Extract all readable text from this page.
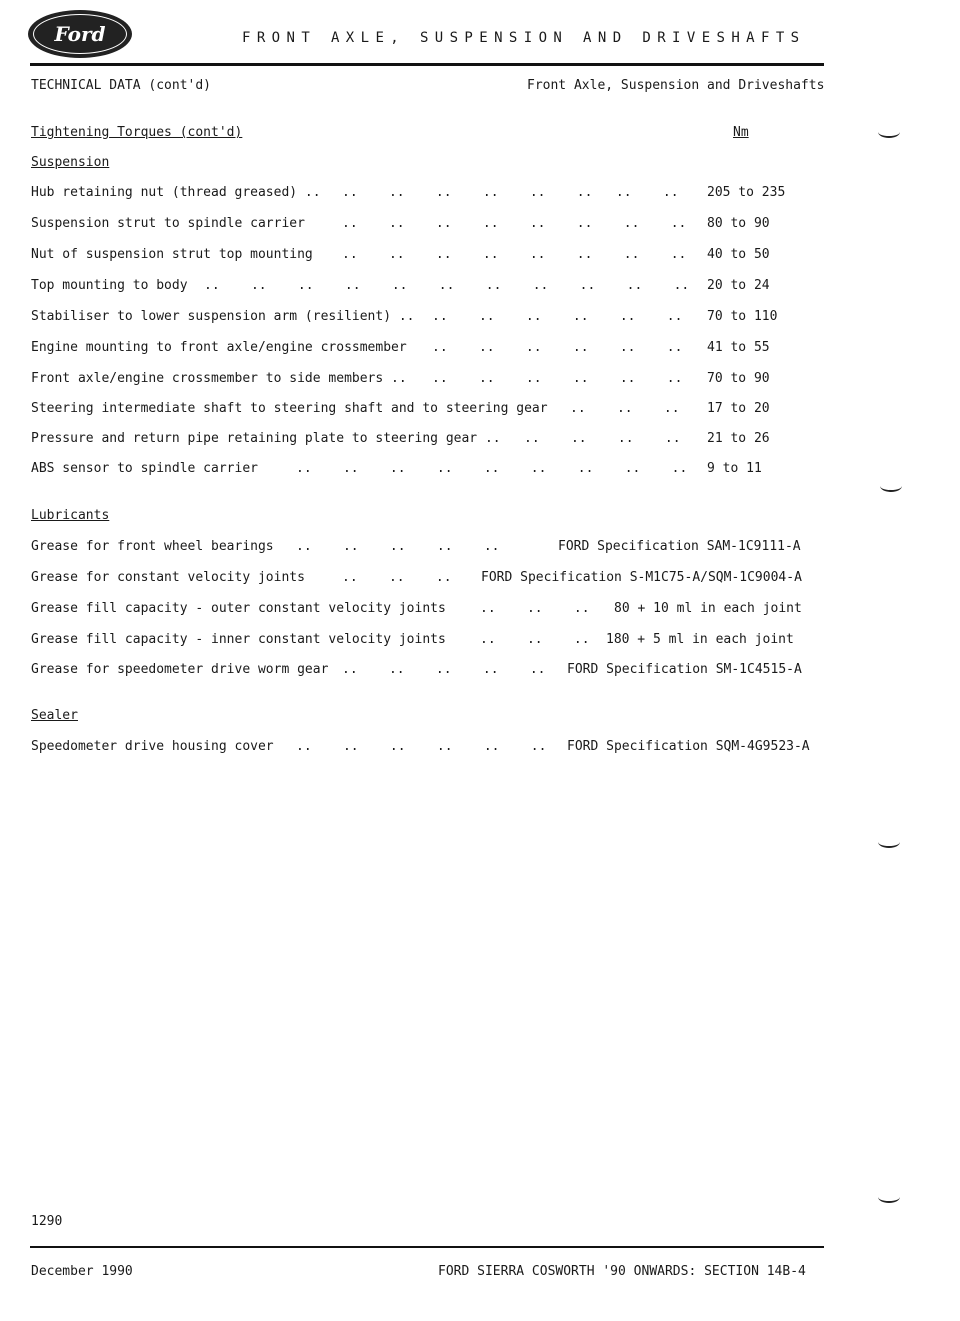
Ford	FRONT AXLE, SUSPENSION AND DRIVESHAFTS
TECHNICAL DATA (cont'd)	Front Axle, Suspension and Driveshafts
Tightening Torques (cont'd)	Nm
Suspension
Hub retaining nut (thread greased) .. ..    ..    ..    ..    ..    ..   ..    .. 205 to 235
Suspension strut to spindle carrier	..    ..    ..    ..    ..    ..    ..    .. 80 to 90
Nut of suspension strut top mounting ..    ..    ..    ..    ..    ..    ..    .. 40 to 50
Top mounting to body ..    ..    ..    ..    ..    ..    ..    ..    ..    ..    .. 20 to 24
Stabiliser to lower suspension arm (resilient) .. ..    ..    ..    ..    ..    .. 70 to 110
Engine mounting to front axle/engine crossmember ..    ..    ..    ..    ..    .. 41 to 55
Front axle/engine crossmember to side members .. ..    ..    ..    ..    ..    .. 70 to 90
Steering intermediate shaft to steering shaft and to steering gear ..    ..    .. 17 to 20
Pressure and return pipe retaining plate to steering gear .. ..    ..    ..    .. 21 to 26
ABS sensor to spindle carrier	..    ..    ..    ..    ..    ..    ..    ..    .. 9 to 11
Lubricants
Grease for front wheel bearings ..    ..    ..    ..    ..	FORD Specification SAM-1C9111-A
Grease for constant velocity joints	..    ..    .. FORD Specification S-M1C75-A/SQM-1C9004-A
Grease fill capacity - outer constant velocity joints	..    ..    .. 80 + 10 ml in each joint
Grease fill capacity - inner constant velocity joints	..    ..    .. 180 + 5 ml in each joint
Grease for speedometer drive worm gear ..    ..    ..    ..    .. FORD Specification SM-1C4515-A
Sealer
Speedometer drive housing cover ..    ..    ..    ..    ..    .. FORD Specification SQM-4G9523-A
1290
December 1990	FORD SIERRA COSWORTH '90 ONWARDS: SECTION 14B-4
